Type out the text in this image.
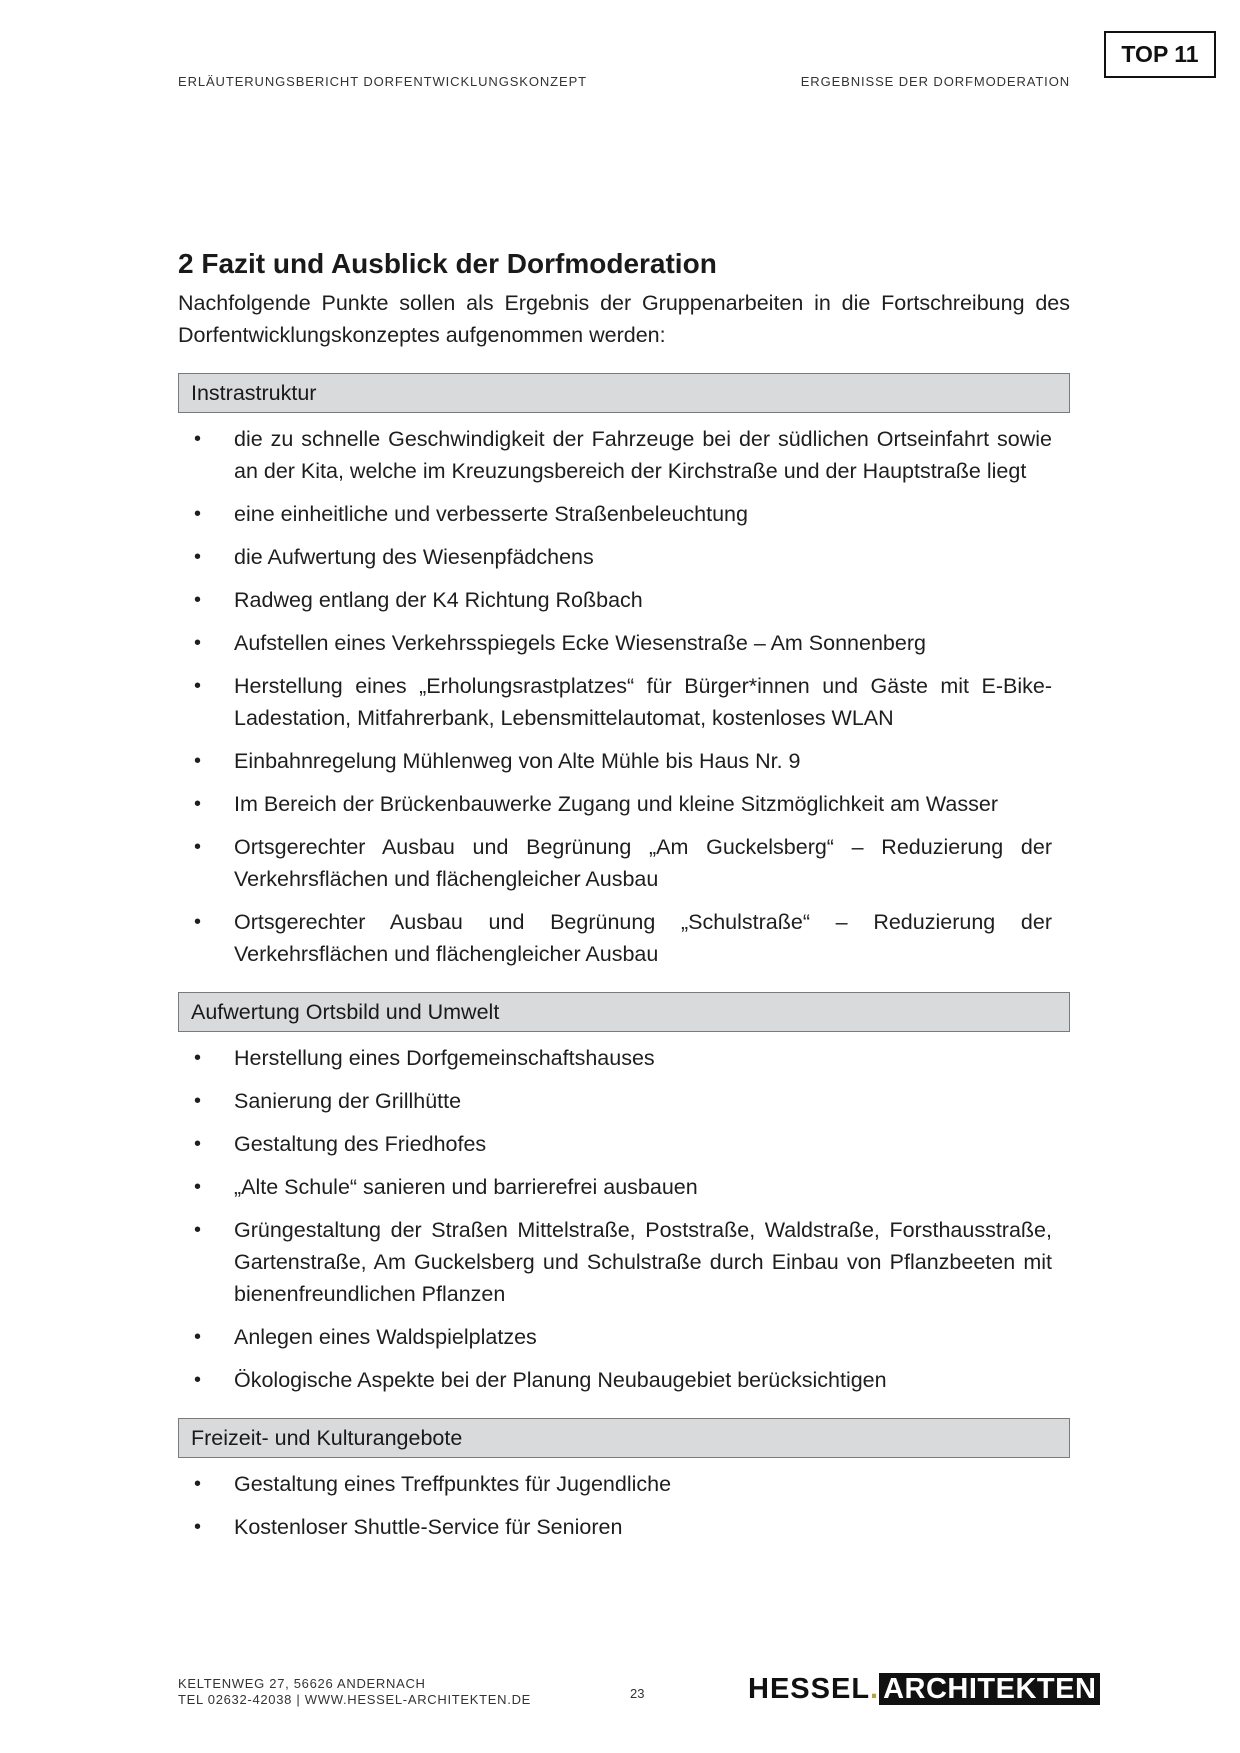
TOP 11
ERLÄUTERUNGSBERICHT DORFENTWICKLUNGSKONZEPT	ERGEBNISSE DER DORFMODERATION
2 Fazit und Ausblick der Dorfmoderation

Nachfolgende Punkte sollen als Ergebnis der Gruppenarbeiten in die Fortschreibung des Dorfentwicklungskonzeptes aufgenommen werden:

Instrastruktur
• die zu schnelle Geschwindigkeit der Fahrzeuge bei der südlichen Ortseinfahrt sowie an der Kita, welche im Kreuzungsbereich der Kirchstraße und der Hauptstraße liegt
• eine einheitliche und verbesserte Straßenbeleuchtung
• die Aufwertung des Wiesenpfädchens
• Radweg entlang der K4 Richtung Roßbach
• Aufstellen eines Verkehrsspiegels Ecke Wiesenstraße – Am Sonnenberg
• Herstellung eines „Erholungsrastplatzes“ für Bürger*innen und Gäste mit E-Bike-Ladestation, Mitfahrerbank, Lebensmittelautomat, kostenloses WLAN
• Einbahnregelung Mühlenweg von Alte Mühle bis Haus Nr. 9
• Im Bereich der Brückenbauwerke Zugang und kleine Sitzmöglichkeit am Wasser
• Ortsgerechter Ausbau und Begrünung „Am Guckelsberg“ – Reduzierung der Verkehrsflächen und flächengleicher Ausbau
• Ortsgerechter Ausbau und Begrünung „Schulstraße“ – Reduzierung der Verkehrsflächen und flächengleicher Ausbau
Aufwertung Ortsbild und Umwelt
• Herstellung eines Dorfgemeinschaftshauses
• Sanierung der Grillhütte
• Gestaltung des Friedhofes
• „Alte Schule“ sanieren und barrierefrei ausbauen
• Grüngestaltung der Straßen Mittelstraße, Poststraße, Waldstraße, Forsthausstraße, Gartenstraße, Am Guckelsberg und Schulstraße durch Einbau von Pflanzbeeten mit bienenfreundlichen Pflanzen
• Anlegen eines Waldspielplatzes
• Ökologische Aspekte bei der Planung Neubaugebiet berücksichtigen
Freizeit- und Kulturangebote
• Gestaltung eines Treffpunktes für Jugendliche
• Kostenloser Shuttle-Service für Senioren
KELTENWEG 27, 56626 ANDERNACH
TEL 02632-42038 | WWW.HESSEL-ARCHITEKTEN.DE	23	HESSEL. ARCHITEKTEN
